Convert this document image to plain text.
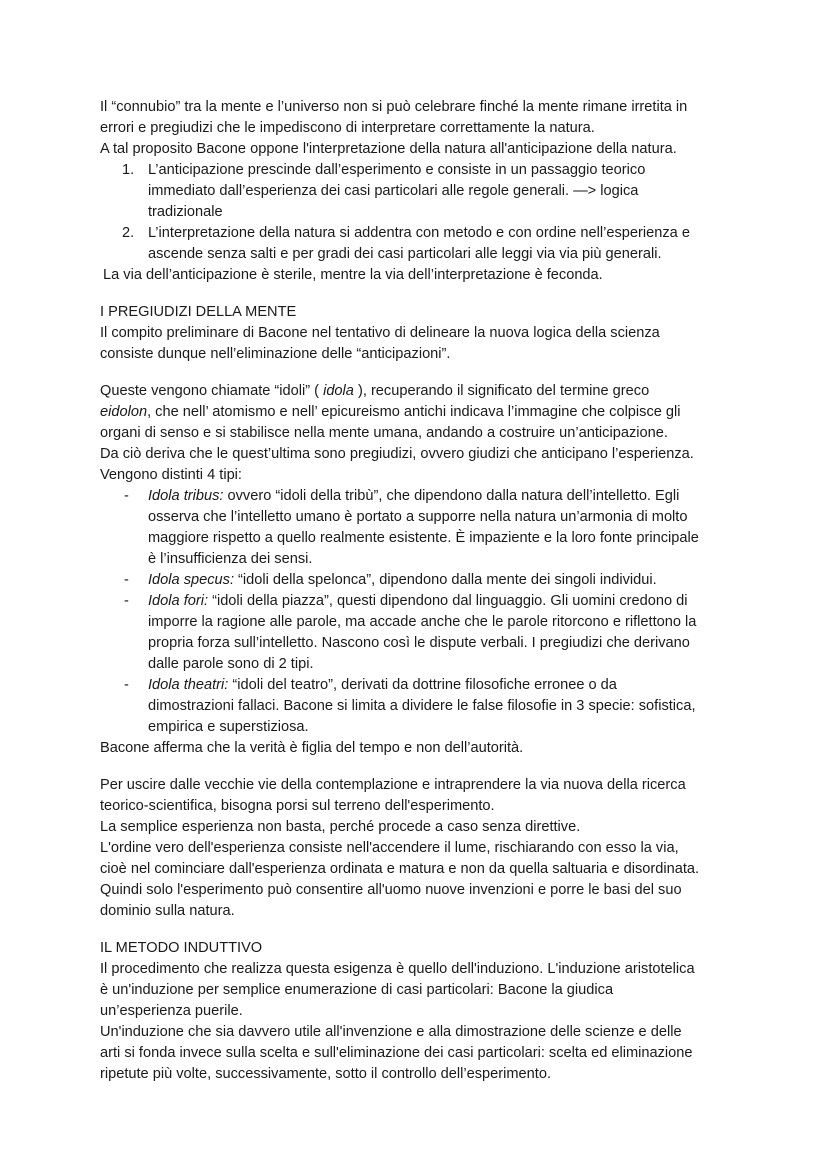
Il “connubio” tra la mente e l’universo non si può celebrare finché la mente rimane irretita in
errori e pregiudizi che le impediscono di interpretare correttamente la natura.
A tal proposito Bacone oppone l'interpretazione della natura all'anticipazione della natura.
1. L’anticipazione prescinde dall’esperimento e consiste in un passaggio teorico
immediato dall’esperienza dei casi particolari alle regole generali. —> logica
tradizionale
2. L’interpretazione della natura si addentra con metodo e con ordine nell’esperienza e
ascende senza salti e per gradi dei casi particolari alle leggi via via più generali.
La via dell’anticipazione è sterile, mentre la via dell’interpretazione è feconda.
I PREGIUDIZI DELLA MENTE
Il compito preliminare di Bacone nel tentativo di delineare la nuova logica della scienza
consiste dunque nell’eliminazione delle “anticipazioni”.
Queste vengono chiamate “idoli” ( idola ), recuperando il significato del termine greco
eidolon, che nell’ atomismo e nell’ epicureismo antichi indicava l’immagine che colpisce gli
organi di senso e si stabilisce nella mente umana, andando a costruire un’anticipazione.
Da ciò deriva che le quest’ultima sono pregiudizi, ovvero giudizi che anticipano l’esperienza.
Vengono distinti 4 tipi:
- Idola tribus: ovvero “idoli della tribù”, che dipendono dalla natura dell’intelletto. Egli
osserva che l’intelletto umano è portato a supporre nella natura un’armonia di molto
maggiore rispetto a quello realmente esistente. È impaziente e la loro fonte principale
è l’insufficienza dei sensi.
- Idola specus: “idoli della spelonca”, dipendono dalla mente dei singoli individui.
- Idola fori: “idoli della piazza”, questi dipendono dal linguaggio. Gli uomini credono di
imporre la ragione alle parole, ma accade anche che le parole ritorcono e riflettono la
propria forza sull’intelletto. Nascono così le dispute verbali. I pregiudizi che derivano
dalle parole sono di 2 tipi.
- Idola theatri: “idoli del teatro”, derivati da dottrine filosofiche erronee o da
dimostrazioni fallaci. Bacone si limita a dividere le false filosofie in 3 specie: sofistica,
empirica e superstiziosa.
Bacone afferma che la verità è figlia del tempo e non dell’autorità.
Per uscire dalle vecchie vie della contemplazione e intraprendere la via nuova della ricerca
teorico-scientifica, bisogna porsi sul terreno dell'esperimento.
La semplice esperienza non basta, perché procede a caso senza direttive.
L'ordine vero dell'esperienza consiste nell'accendere il lume, rischiarando con esso la via,
cioè nel cominciare dall'esperienza ordinata e matura e non da quella saltuaria e disordinata.
Quindi solo l'esperimento può consentire all'uomo nuove invenzioni e porre le basi del suo
dominio sulla natura.
IL METODO INDUTTIVO
Il procedimento che realizza questa esigenza è quello dell'induziono. L'induzione aristotelica
è un'induzione per semplice enumerazione di casi particolari: Bacone la giudica
un’esperienza puerile.
Un'induzione che sia davvero utile all'invenzione e alla dimostrazione delle scienze e delle
arti si fonda invece sulla scelta e sull'eliminazione dei casi particolari: scelta ed eliminazione
ripetute più volte, successivamente, sotto il controllo dell’esperimento.
